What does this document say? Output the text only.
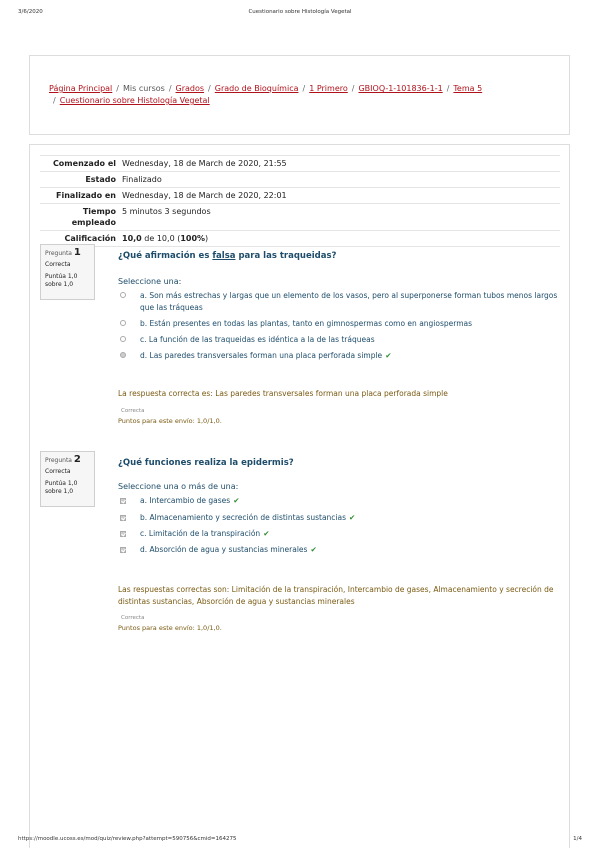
3/6/2020	Cuestionario sobre Histología Vegetal
Página Principal / Mis cursos / Grados / Grado de Bioquímica / 1 Primero / GBIOQ-1-101836-1-1 / Tema 5
/ Cuestionario sobre Histología Vegetal
Comenzado el Wednesday, 18 de March de 2020, 21:55
Estado Finalizado
Finalizado en Wednesday, 18 de March de 2020, 22:01
Tiempo empleado
5 minutos 3 segundos
Calificación 10,0 de 10,0 (100%)
Pregunta 1
Correcta
Puntúa 1,0
sobre 1,0
¿Qué afirmación es falsa para las traqueidas?
Seleccione una:
a. Son más estrechas y largas que un elemento de los vasos, pero al superponerse forman tubos menos largos que las tráqueas
b. Están presentes en todas las plantas, tanto en gimnospermas como en angiospermas
c. La función de las traqueidas es idéntica a la de las tráqueas
d. Las paredes transversales forman una placa perforada simple ✔
La respuesta correcta es: Las paredes transversales forman una placa perforada simple
Correcta
Puntos para este envío: 1,0/1,0.
Pregunta 2
Correcta
Puntúa 1,0
sobre 1,0
¿Qué funciones realiza la epidermis?
Seleccione una o más de una:
a. Intercambio de gases ✔
b. Almacenamiento y secreción de distintas sustancias ✔
c. Limitación de la transpiración ✔
d. Absorción de agua y sustancias minerales ✔
Las respuestas correctas son: Limitación de la transpiración, Intercambio de gases, Almacenamiento y secreción de distintas sustancias, Absorción de agua y sustancias minerales
Correcta
Puntos para este envío: 1,0/1,0.
https://moodle.ucoss.es/mod/quiz/review.php?attempt=590756&cmid=164275	1/4
